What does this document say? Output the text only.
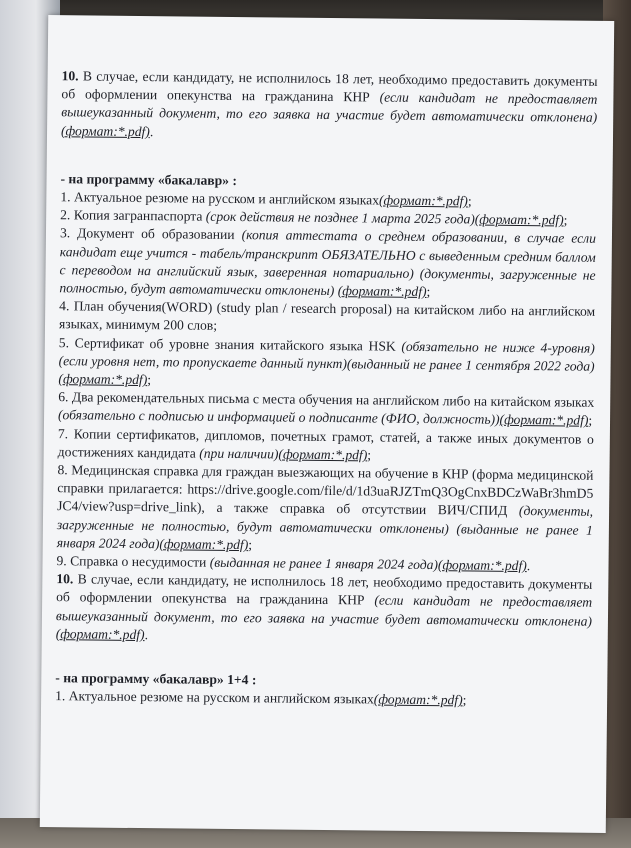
10. В случае, если кандидату, не исполнилось 18 лет, необходимо предоставить документы об оформлении опекунства на гражданина КНР (если кандидат не предоставляет вышеуказанный документ, то его заявка на участие будет автоматически отклонена)(формат:*.pdf).

- на программу «бакалавр» :

1. Актуальное резюме на русском и английском языках(формат:*.pdf);

2. Копия загранпаспорта (срок действия не позднее 1 марта 2025 года)(формат:*.pdf);

3. Документ об образовании (копия аттестата о среднем образовании, в случае если кандидат еще учится - табель/транскрипт ОБЯЗАТЕЛЬНО с выведенным средним баллом с переводом на английский язык, заверенная нотариально) (документы, загруженные не полностью, будут автоматически отклонены) (формат:*.pdf);

4. План обучения(WORD) (study plan / research proposal) на китайском либо на английском языках, минимум 200 слов;

5. Сертификат об уровне знания китайского языка HSK (обязательно не ниже 4-уровня)(если уровня нет, то пропускаете данный пункт)(выданный не ранее 1 сентября 2022 года)(формат:*.pdf);

6. Два рекомендательных письма с места обучения на английском либо на китайском языках (обязательно с подписью и информацией о подписанте (ФИО, должность))(формат:*.pdf);

7. Копии сертификатов, дипломов, почетных грамот, статей, а также иных документов о достижениях кандидата (при наличии)(формат:*.pdf);

8. Медицинская справка для граждан выезжающих на обучение в КНР (форма медицинской справки прилагается: https://drive.google.com/file/d/1d3uaRJZTmQ3OgCnxBDCzWaBr3hmD5JC4/view?usp=drive_link), а также справка об отсутствии ВИЧ/СПИД (документы, загруженные не полностью, будут автоматически отклонены) (выданные не ранее 1 января 2024 года)(формат:*.pdf);

9. Справка о несудимости (выданная не ранее 1 января 2024 года)(формат:*.pdf).

10. В случае, если кандидату, не исполнилось 18 лет, необходимо предоставить документы об оформлении опекунства на гражданина КНР (если кандидат не предоставляет вышеуказанный документ, то его заявка на участие будет автоматически отклонена)(формат:*.pdf).

- на программу «бакалавр» 1+4 :

1. Актуальное резюме на русском и английском языках(формат:*.pdf);
